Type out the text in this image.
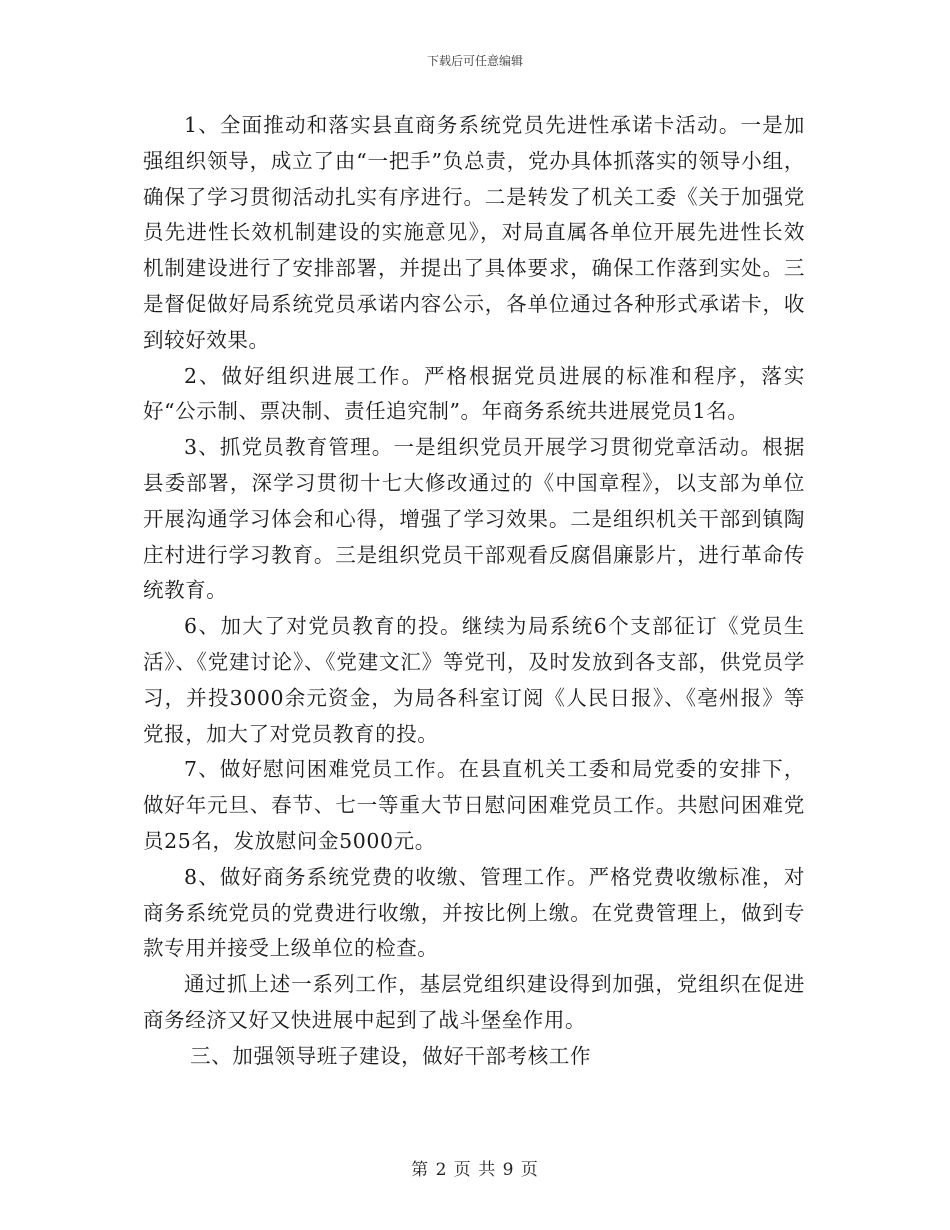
下载后可任意编辑

1、全面推动和落实县直商务系统党员先进性承诺卡活动。一是加强组织领导，成立了由“一把手”负总责，党办具体抓落实的领导小组，确保了学习贯彻活动扎实有序进行。二是转发了机关工委《关于加强党员先进性长效机制建设的实施意见》，对局直属各单位开展先进性长效机制建设进行了安排部署，并提出了具体要求，确保工作落到实处。三是督促做好局系统党员承诺内容公示，各单位通过各种形式承诺卡，收到较好效果。

2、做好组织进展工作。严格根据党员进展的标准和程序，落实好“公示制、票决制、责任追究制”。年商务系统共进展党员1名。

3、抓党员教育管理。一是组织党员开展学习贯彻党章活动。根据县委部署，深学习贯彻十七大修改通过的《中国章程》，以支部为单位开展沟通学习体会和心得，增强了学习效果。二是组织机关干部到镇陶庄村进行学习教育。三是组织党员干部观看反腐倡廉影片，进行革命传统教育。

6、加大了对党员教育的投。继续为局系统6个支部征订《党员生活》、《党建讨论》、《党建文汇》等党刊，及时发放到各支部，供党员学习，并投3000余元资金，为局各科室订阅《人民日报》、《亳州报》等党报，加大了对党员教育的投。

7、做好慰问困难党员工作。在县直机关工委和局党委的安排下，做好年元旦、春节、七一等重大节日慰问困难党员工作。共慰问困难党员25名，发放慰问金5000元。

8、做好商务系统党费的收缴、管理工作。严格党费收缴标准，对商务系统党员的党费进行收缴，并按比例上缴。在党费管理上，做到专款专用并接受上级单位的检查。

通过抓上述一系列工作，基层党组织建设得到加强，党组织在促进商务经济又好又快进展中起到了战斗堡垒作用。

三、加强领导班子建设，做好干部考核工作

第 2 页 共 9 页
